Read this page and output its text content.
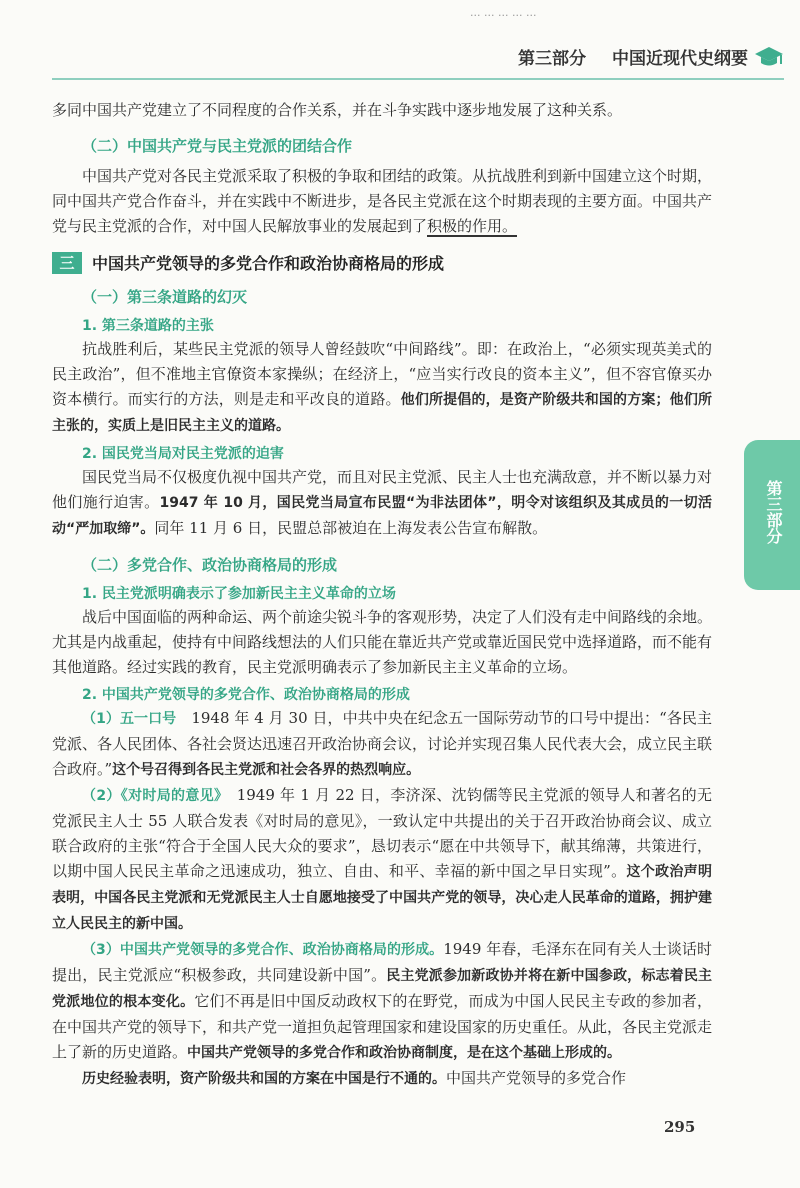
... ... ... ... ...
第三部分 中国近现代史纲要

多同中国共产党建立了不同程度的合作关系，并在斗争实践中逐步地发展了这种关系。

（二）中国共产党与民主党派的团结合作

中国共产党对各民主党派采取了积极的争取和团结的政策。从抗战胜利到新中国建立这个时期，同中国共产党合作奋斗，并在实践中不断进步，是各民主党派在这个时期表现的主要方面。中国共产党与民主党派的合作，对中国人民解放事业的发展起到了积极的作用。

三	中国共产党领导的多党合作和政治协商格局的形成
（一）第三条道路的幻灭
1. 第三条道路的主张

抗战胜利后，某些民主党派的领导人曾经鼓吹“中间路线”。即：在政治上，“必须实现英美式的民主政治”，但不准地主官僚资本家操纵；在经济上，“应当实行改良的资本主义”，但不容官僚买办资本横行。而实行的方法，则是走和平改良的道路。他们所提倡的，是资产阶级共和国的方案；他们所主张的，实质上是旧民主主义的道路。

2. 国民党当局对民主党派的迫害

国民党当局不仅极度仇视中国共产党，而且对民主党派、民主人士也充满敌意，并不断以暴力对他们施行迫害。1947 年 10 月，国民党当局宣布民盟“为非法团体”，明令对该组织及其成员的一切活动“严加取缔”。同年 11 月 6 日，民盟总部被迫在上海发表公告宣布解散。

（二）多党合作、政治协商格局的形成
1. 民主党派明确表示了参加新民主主义革命的立场

战后中国面临的两种命运、两个前途尖锐斗争的客观形势，决定了人们没有走中间路线的余地。尤其是内战重起，使持有中间路线想法的人们只能在靠近共产党或靠近国民党中选择道路，而不能有其他道路。经过实践的教育，民主党派明确表示了参加新民主主义革命的立场。

2. 中国共产党领导的多党合作、政治协商格局的形成

（1）五一口号　1948 年 4 月 30 日，中共中央在纪念五一国际劳动节的口号中提出：“各民主党派、各人民团体、各社会贤达迅速召开政治协商会议，讨论并实现召集人民代表大会，成立民主联合政府。”这个号召得到各民主党派和社会各界的热烈响应。

（2）《对时局的意见》　1949 年 1 月 22 日，李济深、沈钧儒等民主党派的领导人和著名的无党派民主人士 55 人联合发表《对时局的意见》，一致认定中共提出的关于召开政治协商会议、成立联合政府的主张“符合于全国人民大众的要求”，恳切表示“愿在中共领导下，献其绵薄，共策进行，以期中国人民民主革命之迅速成功，独立、自由、和平、幸福的新中国之早日实现”。这个政治声明表明，中国各民主党派和无党派民主人士自愿地接受了中国共产党的领导，决心走人民革命的道路，拥护建立人民民主的新中国。

（3）中国共产党领导的多党合作、政治协商格局的形成。1949 年春，毛泽东在同有关人士谈话时提出，民主党派应“积极参政，共同建设新中国”。民主党派参加新政协并将在新中国参政，标志着民主党派地位的根本变化。它们不再是旧中国反动政权下的在野党，而成为中国人民民主专政的参加者，在中国共产党的领导下，和共产党一道担负起管理国家和建设国家的历史重任。从此，各民主党派走上了新的历史道路。中国共产党领导的多党合作和政治协商制度，是在这个基础上形成的。

历史经验表明，资产阶级共和国的方案在中国是行不通的。中国共产党领导的多党合作

第三部分
295
